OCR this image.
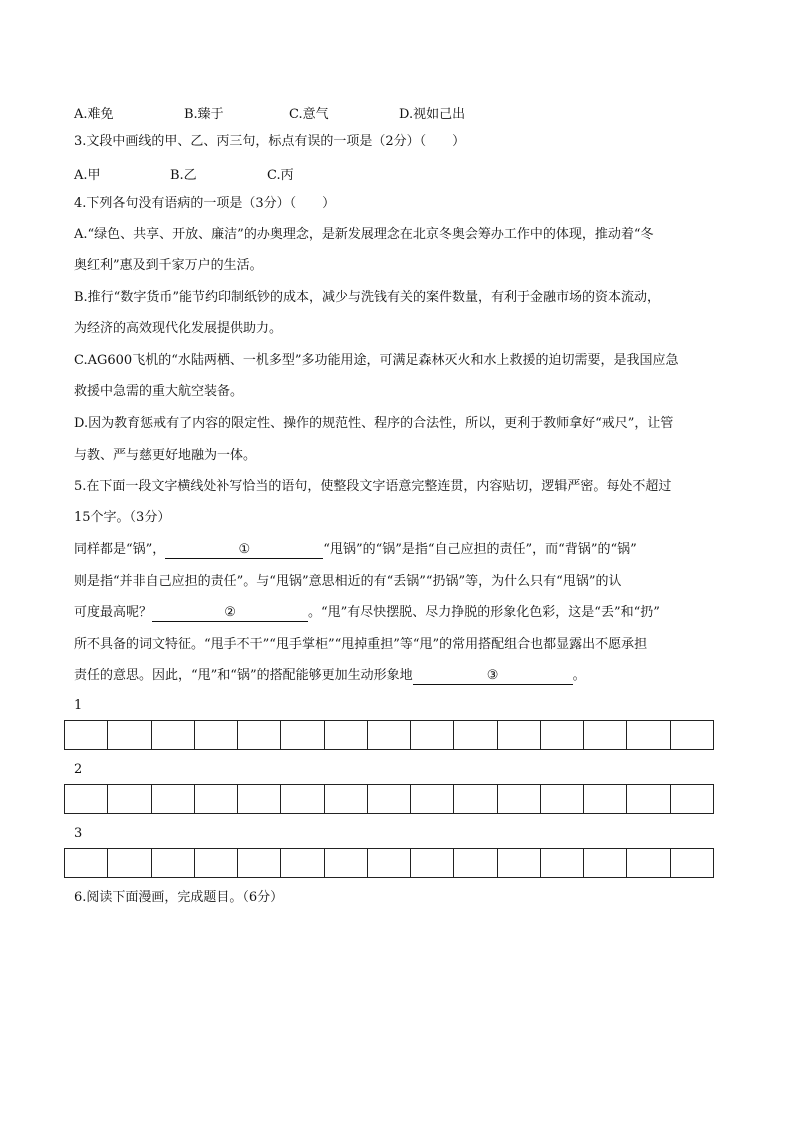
A.难免	B.臻于	C.意气	D.视如己出
3.文段中画线的甲、乙、丙三句，标点有误的一项是（2分）（　　）
A.甲	B.乙	C.丙
4.下列各句没有语病的一项是（3分）（　　）
A.“绿色、共享、开放、廉洁”的办奥理念，是新发展理念在北京冬奥会筹办工作中的体现，推动着“冬
奥红利”惠及到千家万户的生活。
B.推行“数字货币”能节约印制纸钞的成本，减少与洗钱有关的案件数量，有利于金融市场的资本流动，
为经济的高效现代化发展提供助力。
C.AG600飞机的“水陆两栖、一机多型”多功能用途，可满足森林灭火和水上救援的迫切需要，是我国应急
救援中急需的重大航空装备。
D.因为教育惩戒有了内容的限定性、操作的规范性、程序的合法性，所以，更利于教师拿好“戒尺”，让管
与教、严与慈更好地融为一体。
5.在下面一段文字横线处补写恰当的语句，使整段文字语意完整连贯，内容贴切，逻辑严密。每处不超过
15个字。（3分）
同样都是“锅”，	①	“甩锅”的“锅”是指“自己应担的责任”，而“背锅”的“锅”
则是指“并非自己应担的责任”。与“甩锅”意思相近的有“丢锅”“扔锅”等，为什么只有“甩锅”的认
可度最高呢？	②	。“甩”有尽快摆脱、尽力挣脱的形象化色彩，这是“丢”和“扔”
所不具备的词文特征。“甩手不干”“甩手掌柜”“甩掉重担”等“甩”的常用搭配组合也都显露出不愿承担
责任的意思。因此，“甩”和“锅”的搭配能够更加生动形象地	③	。
1
2
3
6.阅读下面漫画，完成题目。（6分）
